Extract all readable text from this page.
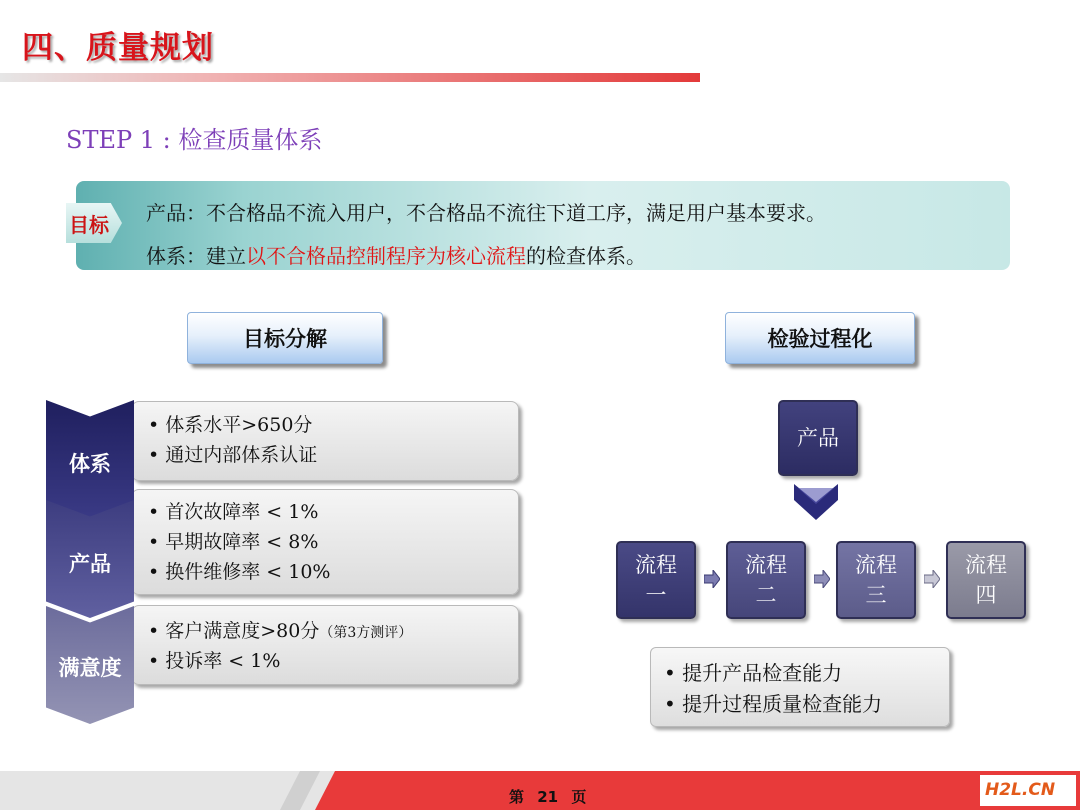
四、质量规划
STEP 1 : 检查质量体系
目标 产品：不合格品不流入用户，不合格品不流往下道工序，满足用户基本要求。
体系：建立以不合格品控制程序为核心流程的检查体系。
目标分解	检验过程化
体系
产品
满意度
• 体系水平>650分
• 通过内部体系认证
• 首次故障率 < 1%
• 早期故障率 < 8%
• 换件维修率 < 10%
• 客户满意度>80分（第3方测评）
• 投诉率 < 1%
产品
流程
一
流程
二
流程
三
流程
四
• 提升产品检查能力
• 提升过程质量检查能力
第 21 页	H2L.CN
